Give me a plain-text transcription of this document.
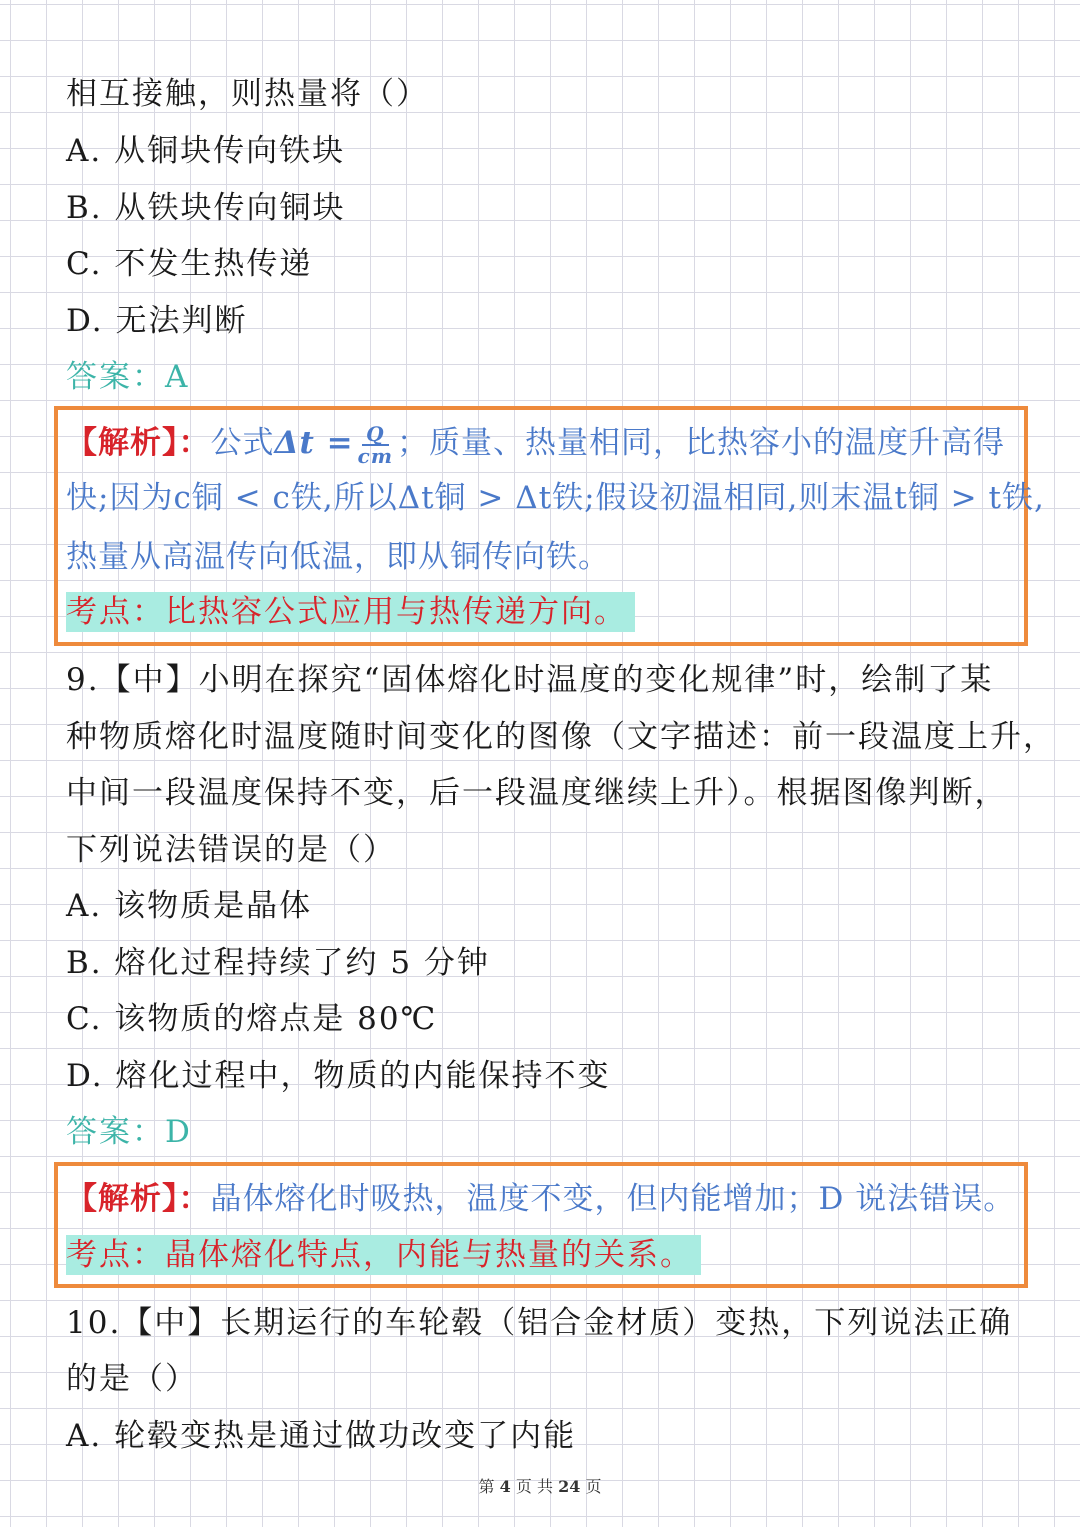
相互接触，则热量将（）

A. 从铜块传向铁块

B. 从铁块传向铜块

C. 不发生热传递

D. 无法判断

答案：A

【解析】：公式$\Delta t = \frac{Q}{cm}$ ；质量、热量相同，比热容小的温度升高得

快;因为c铜 < c铁,所以Δt铜 > Δt铁;假设初温相同,则末温t铜 > t铁,

热量从高温传向低温，即从铜传向铁。

考点：比热容公式应用与热传递方向。

9.【中】小明在探究“固体熔化时温度的变化规律”时，绘制了某

种物质熔化时温度随时间变化的图像（文字描述：前一段温度上升，

中间一段温度保持不变，后一段温度继续上升）。根据图像判断，

下列说法错误的是（）

A. 该物质是晶体

B. 熔化过程持续了约 5 分钟

C. 该物质的熔点是 80℃

D. 熔化过程中，物质的内能保持不变

答案：D

【解析】：晶体熔化时吸热，温度不变，但内能增加；D 说法错误。

考点：晶体熔化特点，内能与热量的关系。

10.【中】长期运行的车轮毂（铝合金材质）变热，下列说法正确

的是（）

A. 轮毂变热是通过做功改变了内能

第 4 页 共 24 页
